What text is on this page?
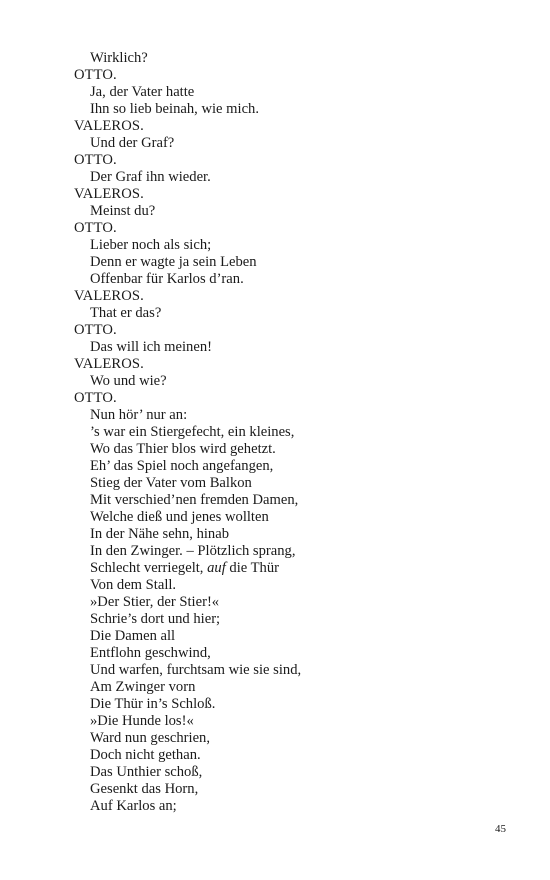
Wirklich?
OTTO.
Ja, der Vater hatte
Ihn so lieb beinah, wie mich.
VALEROS.
Und der Graf?
OTTO.
Der Graf ihn wieder.
VALEROS.
Meinst du?
OTTO.
Lieber noch als sich;
Denn er wagte ja sein Leben
Offenbar für Karlos d’ran.
VALEROS.
That er das?
OTTO.
Das will ich meinen!
VALEROS.
Wo und wie?
OTTO.
Nun hör’ nur an:
’s war ein Stiergefecht, ein kleines,
Wo das Thier blos wird gehetzt.
Eh’ das Spiel noch angefangen,
Stieg der Vater vom Balkon
Mit verschied’nen fremden Damen,
Welche dieß und jenes wollten
In der Nähe sehn, hinab
In den Zwinger. – Plötzlich sprang,
Schlecht verriegelt, auf die Thür
Von dem Stall.
»Der Stier, der Stier!«
Schrie’s dort und hier;
Die Damen all
Entflohn geschwind,
Und warfen, furchtsam wie sie sind,
Am Zwinger vorn
Die Thür in’s Schloß.
»Die Hunde los!«
Ward nun geschrien,
Doch nicht gethan.
Das Unthier schoß,
Gesenkt das Horn,
Auf Karlos an;
45
